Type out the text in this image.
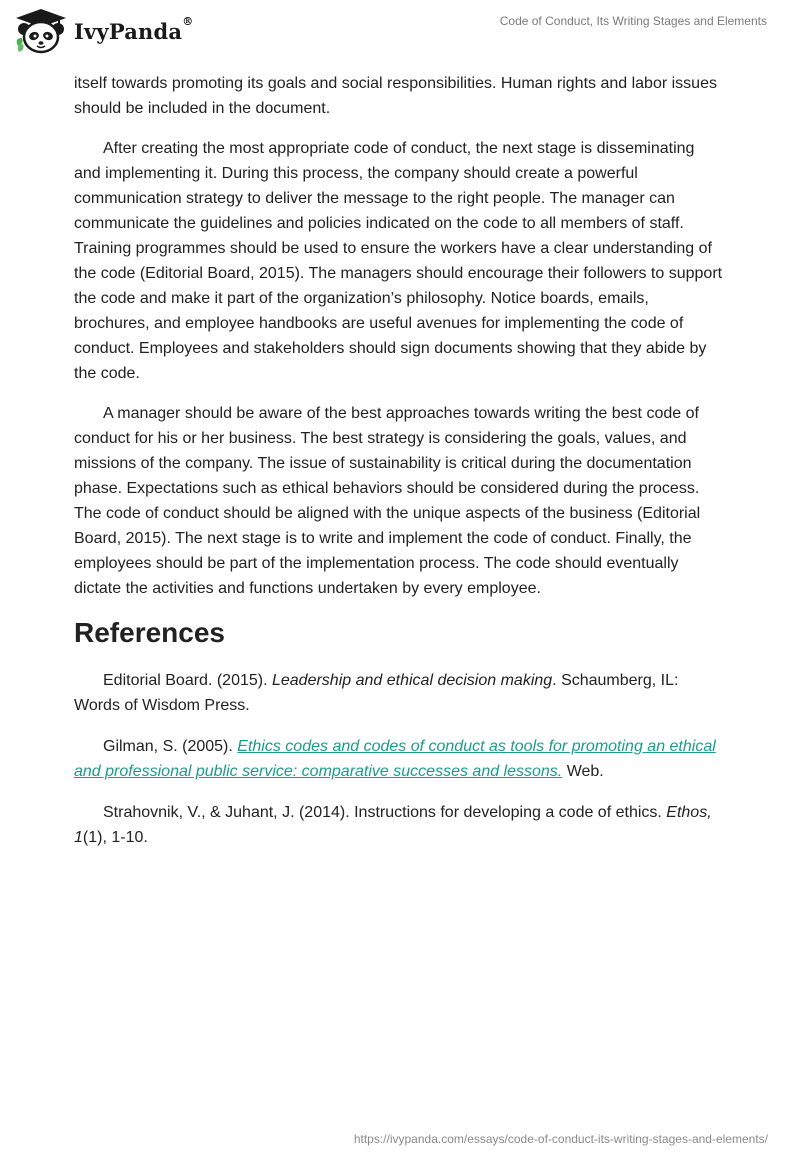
IvyPanda®	Code of Conduct, Its Writing Stages and Elements

itself towards promoting its goals and social responsibilities. Human rights and labor issues should be included in the document.

After creating the most appropriate code of conduct, the next stage is disseminating and implementing it. During this process, the company should create a powerful communication strategy to deliver the message to the right people. The manager can communicate the guidelines and policies indicated on the code to all members of staff. Training programmes should be used to ensure the workers have a clear understanding of the code (Editorial Board, 2015). The managers should encourage their followers to support the code and make it part of the organization’s philosophy. Notice boards, emails, brochures, and employee handbooks are useful avenues for implementing the code of conduct. Employees and stakeholders should sign documents showing that they abide by the code.

A manager should be aware of the best approaches towards writing the best code of conduct for his or her business. The best strategy is considering the goals, values, and missions of the company. The issue of sustainability is critical during the documentation phase. Expectations such as ethical behaviors should be considered during the process. The code of conduct should be aligned with the unique aspects of the business (Editorial Board, 2015). The next stage is to write and implement the code of conduct. Finally, the employees should be part of the implementation process. The code should eventually dictate the activities and functions undertaken by every employee.

References

Editorial Board. (2015). Leadership and ethical decision making. Schaumberg, IL: Words of Wisdom Press.

Gilman, S. (2005). Ethics codes and codes of conduct as tools for promoting an ethical and professional public service: comparative successes and lessons. Web.

Strahovnik, V., & Juhant, J. (2014). Instructions for developing a code of ethics. Ethos, 1(1), 1-10.

https://ivypanda.com/essays/code-of-conduct-its-writing-stages-and-elements/
